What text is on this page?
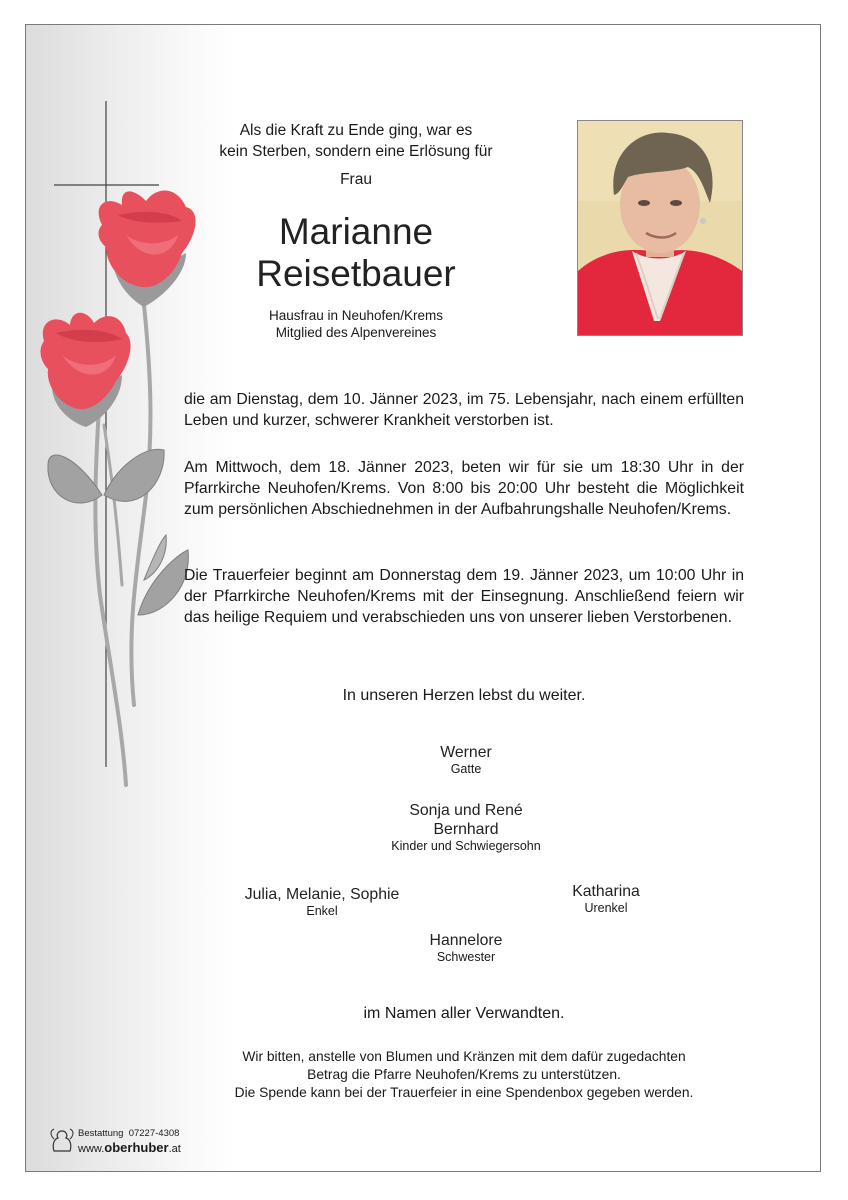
Als die Kraft zu Ende ging, war es
kein Sterben, sondern eine Erlösung für
Frau
Marianne
Reisetbauer
Hausfrau in Neuhofen/Krems
Mitglied des Alpenvereines
die am Dienstag, dem 10. Jänner 2023, im 75. Lebensjahr, nach einem erfüllten Leben und kurzer, schwerer Krankheit verstorben ist.
Am Mittwoch, dem 18. Jänner 2023, beten wir für sie um 18:30 Uhr in der Pfarrkirche Neuhofen/Krems. Von 8:00 bis 20:00 Uhr besteht die Möglichkeit zum persönlichen Abschiednehmen in der Aufbahrungshalle Neuhofen/Krems.
Die Trauerfeier beginnt am Donnerstag dem 19. Jänner 2023, um 10:00 Uhr in der Pfarrkirche Neuhofen/Krems mit der Einsegnung. Anschließend feiern wir das heilige Requiem und verabschieden uns von unserer lieben Verstorbenen.
In unseren Herzen lebst du weiter.
Werner
Gatte
Sonja und René
Bernhard
Kinder und Schwiegersohn
Julia, Melanie, Sophie
Enkel
Katharina
Urenkel
Hannelore
Schwester
im Namen aller Verwandten.
Wir bitten, anstelle von Blumen und Kränzen mit dem dafür zugedachten
Betrag die Pfarre Neuhofen/Krems zu unterstützen.
Die Spende kann bei der Trauerfeier in eine Spendenbox gegeben werden.
Bestattung 07227-4308
www.oberhuber.at
